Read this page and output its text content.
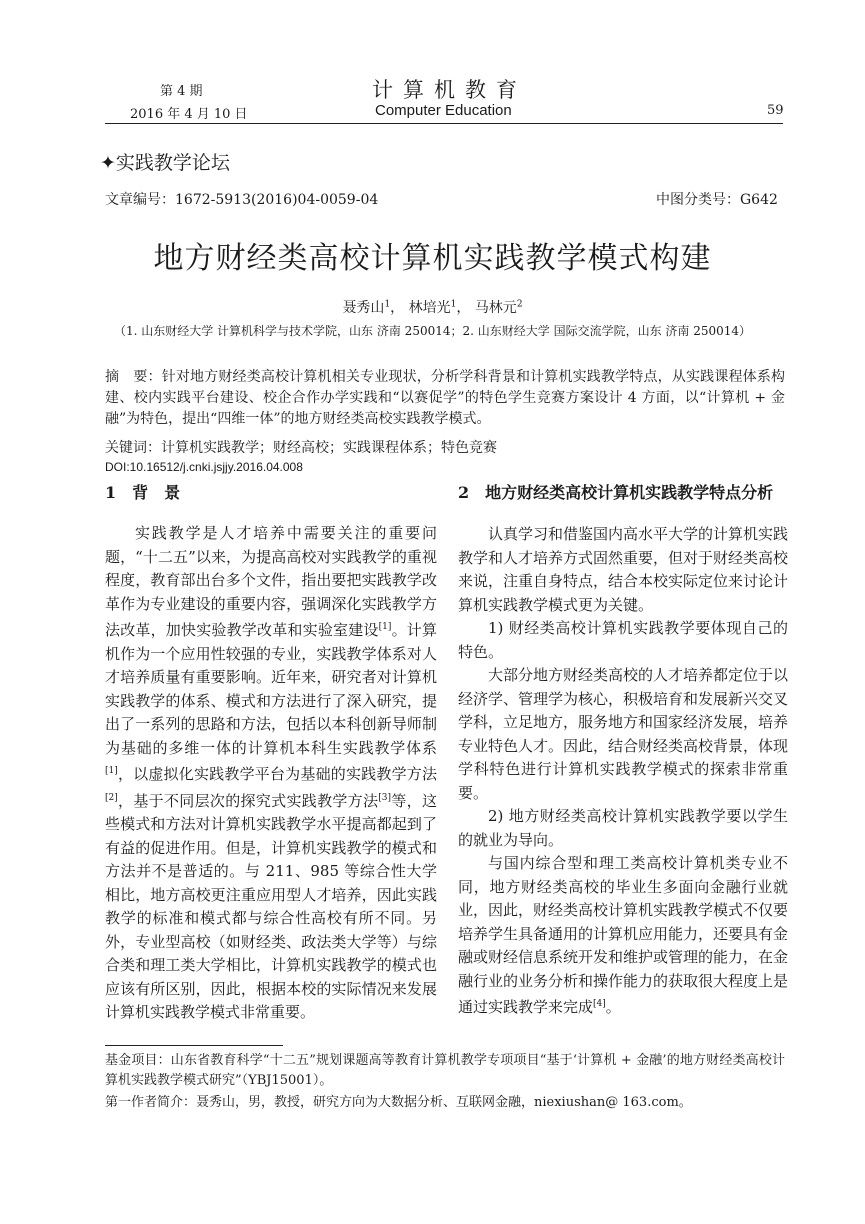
第 4 期
2016 年 4 月 10 日
计算机教育
Computer Education	59
✦实践教学论坛
文章编号：1672-5913(2016)04-0059-04	中图分类号：G642
地方财经类高校计算机实践教学模式构建
聂秀山$^1$， 林培光$^1$， 马林元$^2$
（1. 山东财经大学 计算机科学与技术学院，山东 济南 250014；2. 山东财经大学 国际交流学院，山东 济南 250014）
摘　要：针对地方财经类高校计算机相关专业现状，分析学科背景和计算机实践教学特点，从实践课程体系构建、校内实践平台建设、校企合作办学实践和“以赛促学”的特色学生竞赛方案设计 4 方面，以“计算机 + 金融”为特色，提出“四维一体”的地方财经类高校实践教学模式。
关键词：计算机实践教学；财经高校；实践课程体系；特色竞赛
DOI:10.16512/j.cnki.jsjjy.2016.04.008
1　背　景

实践教学是人才培养中需要关注的重要问题，“十二五”以来，为提高高校对实践教学的重视程度，教育部出台多个文件，指出要把实践教学改革作为专业建设的重要内容，强调深化实践教学方法改革，加快实验教学改革和实验室建设[1]。计算机作为一个应用性较强的专业，实践教学体系对人才培养质量有重要影响。近年来，研究者对计算机实践教学的体系、模式和方法进行了深入研究，提出了一系列的思路和方法，包括以本科创新导师制为基础的多维一体的计算机本科生实践教学体系[1]，以虚拟化实践教学平台为基础的实践教学方法[2]，基于不同层次的探究式实践教学方法[3]等，这些模式和方法对计算机实践教学水平提高都起到了有益的促进作用。但是，计算机实践教学的模式和方法并不是普适的。与 211、985 等综合性大学相比，地方高校更注重应用型人才培养，因此实践教学的标准和模式都与综合性高校有所不同。另外，专业型高校（如财经类、政法类大学等）与综合类和理工类大学相比，计算机实践教学的模式也应该有所区别，因此，根据本校的实际情况来发展计算机实践教学模式非常重要。

2　地方财经类高校计算机实践教学特点分析

认真学习和借鉴国内高水平大学的计算机实践教学和人才培养方式固然重要，但对于财经类高校来说，注重自身特点，结合本校实际定位来讨论计算机实践教学模式更为关键。

1) 财经类高校计算机实践教学要体现自己的特色。

大部分地方财经类高校的人才培养都定位于以经济学、管理学为核心，积极培育和发展新兴交叉学科，立足地方，服务地方和国家经济发展，培养专业特色人才。因此，结合财经类高校背景，体现学科特色进行计算机实践教学模式的探索非常重要。

2) 地方财经类高校计算机实践教学要以学生的就业为导向。

与国内综合型和理工类高校计算机类专业不同，地方财经类高校的毕业生多面向金融行业就业，因此，财经类高校计算机实践教学模式不仅要培养学生具备通用的计算机应用能力，还要具有金融或财经信息系统开发和维护或管理的能力，在金融行业的业务分析和操作能力的获取很大程度上是通过实践教学来完成[4]。

基金项目：山东省教育科学“十二五”规划课题高等教育计算机教学专项项目“基于‘计算机 + 金融’的地方财经类高校计算机实践教学模式研究”（YBJ15001）。
第一作者简介：聂秀山，男，教授，研究方向为大数据分析、互联网金融，niexiushan@ 163.com。
